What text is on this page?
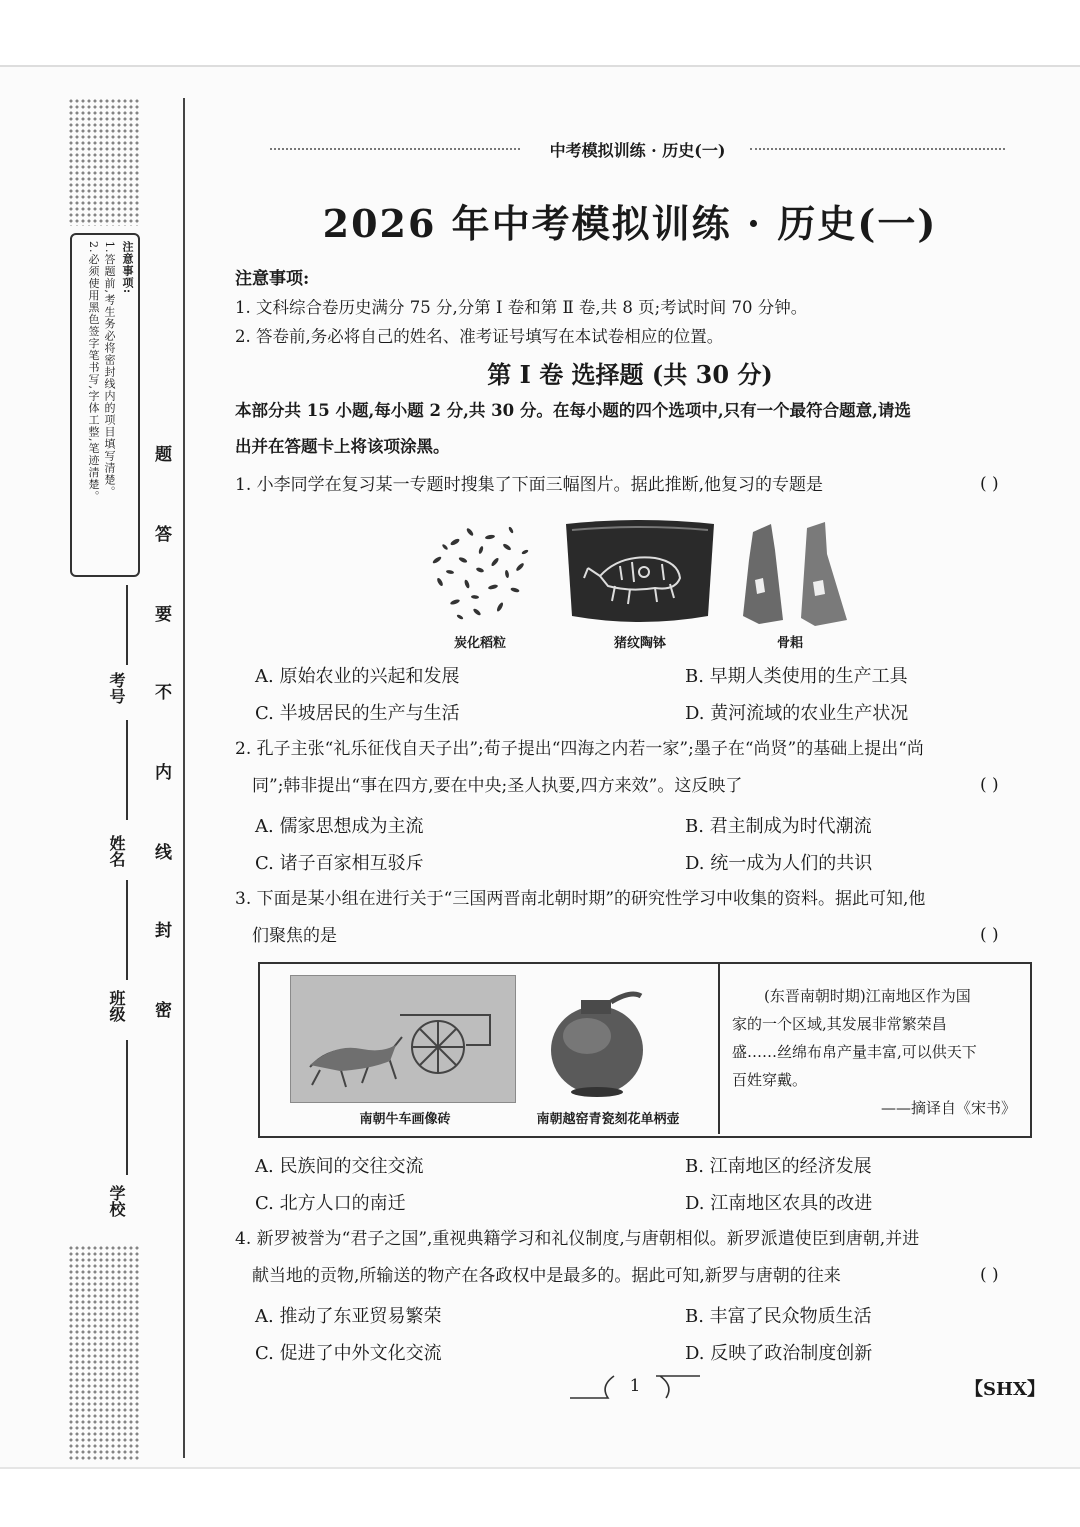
注意事项:
1.答题前,考生务必将密封线内的项目填写清楚。
2.必须使用黑色签字笔书写,字体工整,笔迹清楚。
学校
班级
姓名
考号
题
答
要
不
内
线
封
密
中考模拟训练 · 历史(一)
2026 年中考模拟训练 · 历史(一)
注意事项:
1. 文科综合卷历史满分 75 分,分第 Ⅰ 卷和第 Ⅱ 卷,共 8 页;考试时间 70 分钟。
2. 答卷前,务必将自己的姓名、准考证号填写在本试卷相应的位置。
第 Ⅰ 卷 选择题 (共 30 分)
本部分共 15 小题,每小题 2 分,共 30 分。在每小题的四个选项中,只有一个最符合题意,请选
出并在答题卡上将该项涂黑。
1. 小李同学在复习某一专题时搜集了下面三幅图片。据此推断,他复习的专题是	( )
炭化稻粒	猪纹陶钵	骨耜
A. 原始农业的兴起和发展	B. 早期人类使用的生产工具
C. 半坡居民的生产与生活	D. 黄河流域的农业生产状况
2. 孔子主张“礼乐征伐自天子出”;荀子提出“四海之内若一家”;墨子在“尚贤”的基础上提出“尚
同”;韩非提出“事在四方,要在中央;圣人执要,四方来效”。这反映了	( )
A. 儒家思想成为主流	B. 君主制成为时代潮流
C. 诸子百家相互驳斥	D. 统一成为人们的共识
3. 下面是某小组在进行关于“三国两晋南北朝时期”的研究性学习中收集的资料。据此可知,他
们聚焦的是	( )
南朝牛车画像砖	南朝越窑青瓷刻花单柄壶
(东晋南朝时期)江南地区作为国
家的一个区域,其发展非常繁荣昌
盛……丝绵布帛产量丰富,可以供天下
百姓穿戴。
——摘译自《宋书》
A. 民族间的交往交流	B. 江南地区的经济发展
C. 北方人口的南迁	D. 江南地区农具的改进
4. 新罗被誉为“君子之国”,重视典籍学习和礼仪制度,与唐朝相似。新罗派遣使臣到唐朝,并进
献当地的贡物,所输送的物产在各政权中是最多的。据此可知,新罗与唐朝的往来	( )
A. 推动了东亚贸易繁荣	B. 丰富了民众物质生活
C. 促进了中外文化交流	D. 反映了政治制度创新
1	【SHX】
